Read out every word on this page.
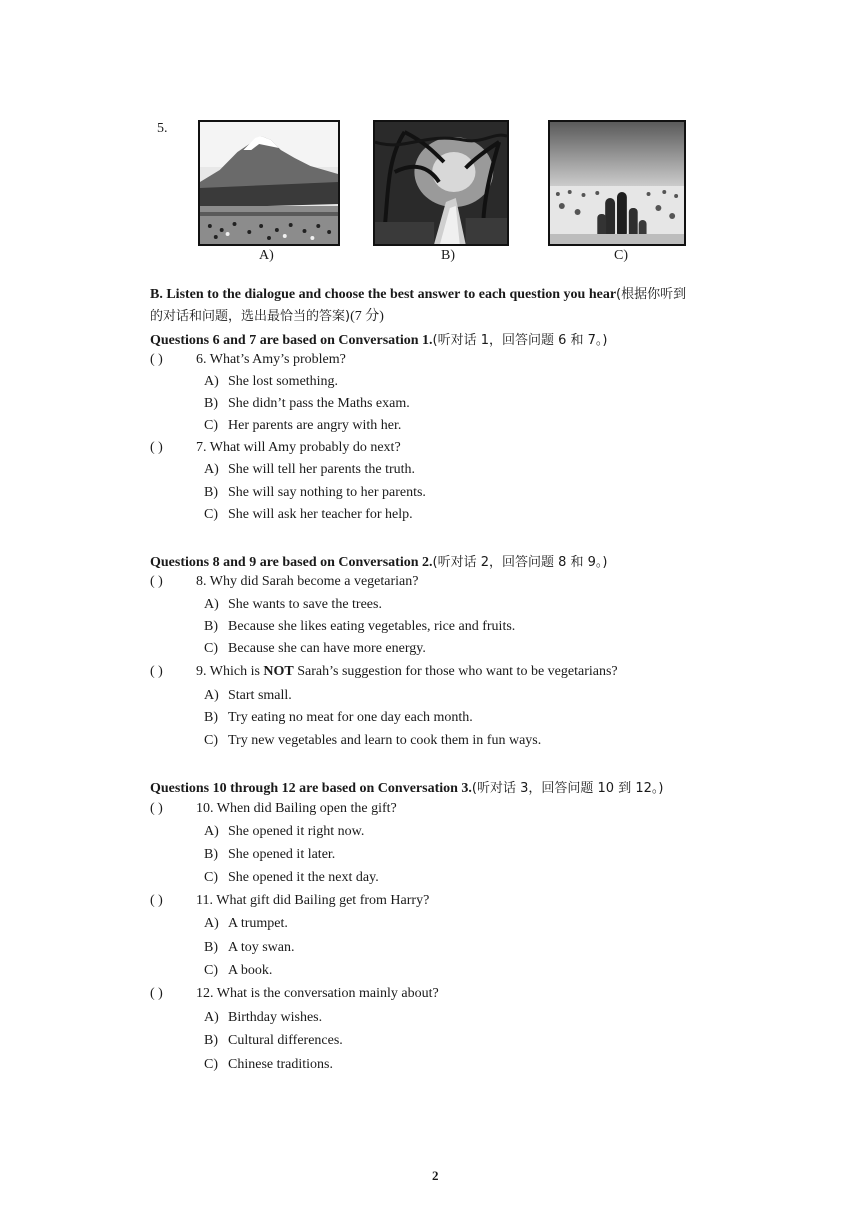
5.
A)	B)	C)
B. Listen to the dialogue and choose the best answer to each question you hear(根据你听到
的对话和问题，选出最恰当的答案)(7 分)
Questions 6 and 7 are based on Conversation 1.(听对话 1，回答问题 6 和 7。)
( ) 6. What’s Amy’s problem?
A) She lost something.
B) She didn’t pass the Maths exam.
C) Her parents are angry with her.
( ) 7. What will Amy probably do next?
A) She will tell her parents the truth.
B) She will say nothing to her parents.
C) She will ask her teacher for help.
Questions 8 and 9 are based on Conversation 2.(听对话 2，回答问题 8 和 9。)
( ) 8. Why did Sarah become a vegetarian?
A) She wants to save the trees.
B) Because she likes eating vegetables, rice and fruits.
C) Because she can have more energy.
( ) 9. Which is NOT Sarah’s suggestion for those who want to be vegetarians?
A) Start small.
B) Try eating no meat for one day each month.
C) Try new vegetables and learn to cook them in fun ways.
Questions 10 through 12 are based on Conversation 3.(听对话 3，回答问题 10 到 12。)
( ) 10. When did Bailing open the gift?
A) She opened it right now.
B) She opened it later.
C) She opened it the next day.
( ) 11. What gift did Bailing get from Harry?
A) A trumpet.
B) A toy swan.
C) A book.
( ) 12. What is the conversation mainly about?
A) Birthday wishes.
B) Cultural differences.
C) Chinese traditions.
2
